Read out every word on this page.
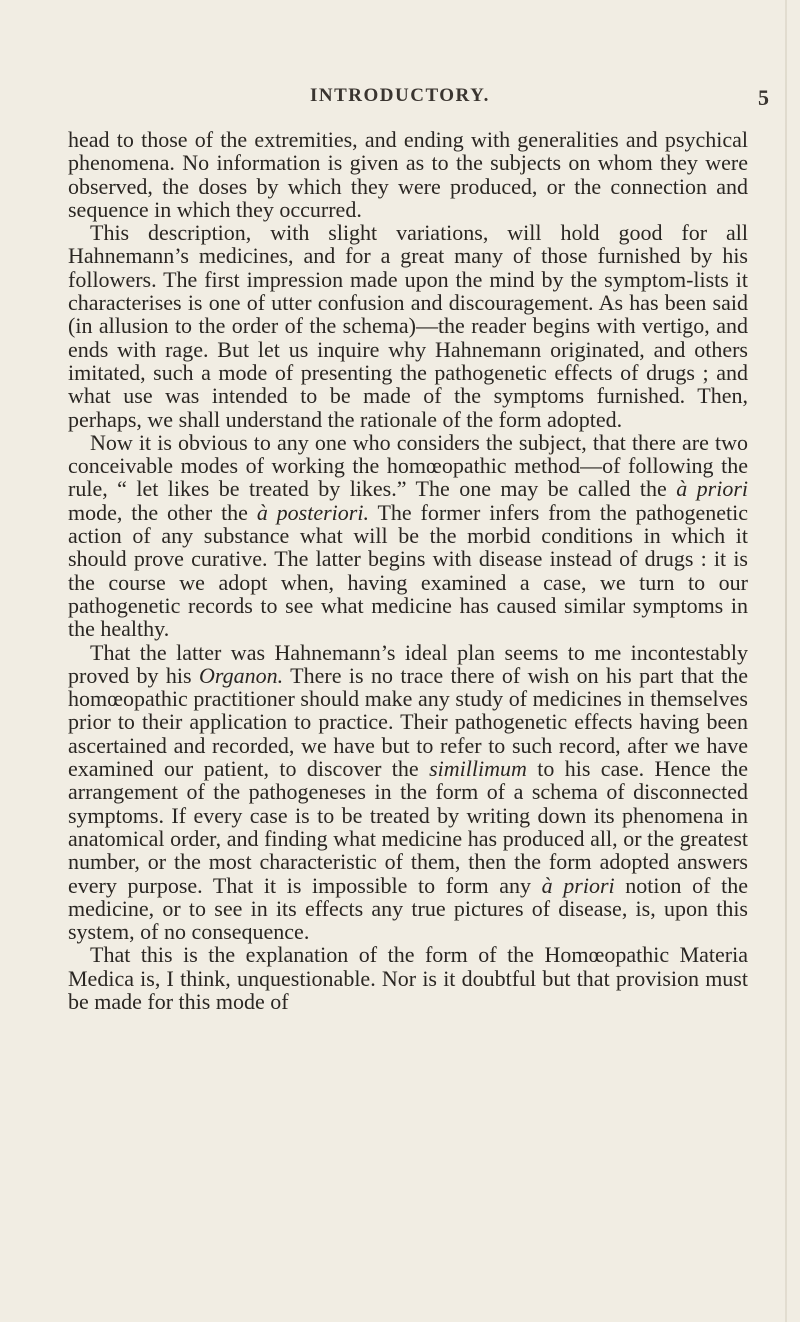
INTRODUCTORY.	5

head to those of the extremities, and ending with generalities and psychical phenomena. No information is given as to the subjects on whom they were observed, the doses by which they were produced, or the connection and sequence in which they occurred.

This description, with slight variations, will hold good for all Hahnemann’s medicines, and for a great many of those furnished by his followers. The first impression made upon the mind by the symptom-lists it characterises is one of utter confusion and discouragement. As has been said (in allusion to the order of the schema)—the reader begins with vertigo, and ends with rage. But let us inquire why Hahnemann originated, and others imitated, such a mode of presenting the pathogenetic effects of drugs ; and what use was intended to be made of the symptoms furnished. Then, perhaps, we shall understand the rationale of the form adopted.

Now it is obvious to any one who considers the subject, that there are two conceivable modes of working the homœopathic method—of following the rule, “ let likes be treated by likes.” The one may be called the à priori mode, the other the à posteriori. The former infers from the pathogenetic action of any substance what will be the morbid conditions in which it should prove curative. The latter begins with disease instead of drugs : it is the course we adopt when, having examined a case, we turn to our pathogenetic records to see what medicine has caused similar symptoms in the healthy.

That the latter was Hahnemann’s ideal plan seems to me incontestably proved by his Organon. There is no trace there of wish on his part that the homœopathic practitioner should make any study of medicines in themselves prior to their application to practice. Their pathogenetic effects having been ascertained and recorded, we have but to refer to such record, after we have examined our patient, to discover the simillimum to his case. Hence the arrangement of the pathogeneses in the form of a schema of disconnected symptoms. If every case is to be treated by writing down its phenomena in anatomical order, and finding what medicine has produced all, or the greatest number, or the most characteristic of them, then the form adopted answers every purpose. That it is impossible to form any à priori notion of the medicine, or to see in its effects any true pictures of disease, is, upon this system, of no consequence.

That this is the explanation of the form of the Homœopathic Materia Medica is, I think, unquestionable. Nor is it doubtful but that provision must be made for this mode of
